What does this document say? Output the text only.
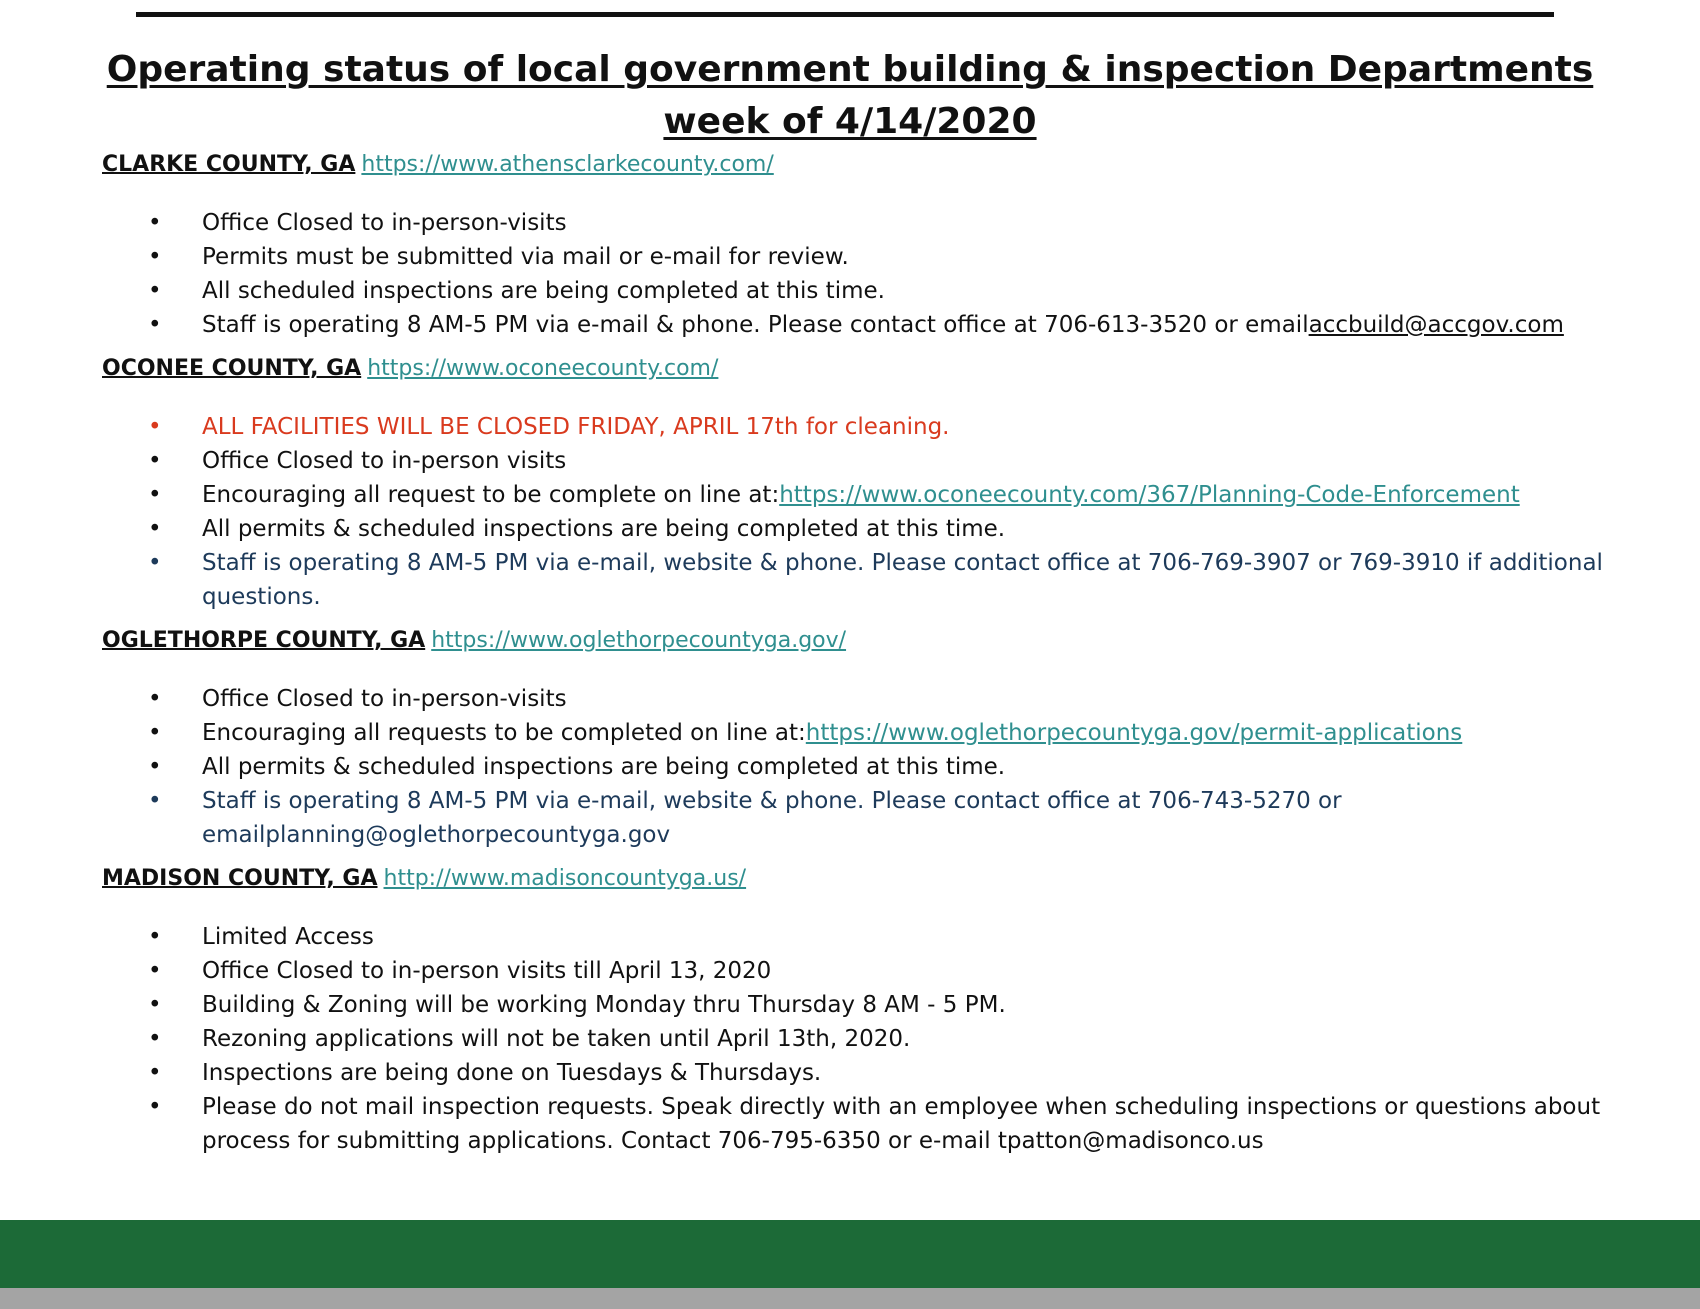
Operating status of local government building & inspection Departments
week of 4/14/2020
CLARKE COUNTY, GA https://www.athensclarkecounty.com/
• Office Closed to in-person-visits
• Permits must be submitted via mail or e-mail for review.
• All scheduled inspections are being completed at this time.
• Staff is operating 8 AM-5 PM via e-mail & phone. Please contact office at 706-613-3520 or emailaccbuild@accgov.com
OCONEE COUNTY, GA https://www.oconeecounty.com/
• ALL FACILITIES WILL BE CLOSED FRIDAY, APRIL 17th for cleaning.
• Office Closed to in-person visits
• Encouraging all request to be complete on line at:https://www.oconeecounty.com/367/Planning-Code-Enforcement
• All permits & scheduled inspections are being completed at this time.
• Staff is operating 8 AM-5 PM via e-mail, website & phone. Please contact office at 706-769-3907 or 769-3910 if additional questions.
OGLETHORPE COUNTY, GA https://www.oglethorpecountyga.gov/
• Office Closed to in-person-visits
• Encouraging all requests to be completed on line at:https://www.oglethorpecountyga.gov/permit-applications
• All permits & scheduled inspections are being completed at this time.
• Staff is operating 8 AM-5 PM via e-mail, website & phone. Please contact office at 706-743-5270 or emailplanning@oglethorpecountyga.gov
MADISON COUNTY, GA http://www.madisoncountyga.us/
• Limited Access
• Office Closed to in-person visits till April 13, 2020
• Building & Zoning will be working Monday thru Thursday 8 AM - 5 PM.
• Rezoning applications will not be taken until April 13th, 2020.
• Inspections are being done on Tuesdays & Thursdays.
• Please do not mail inspection requests. Speak directly with an employee when scheduling inspections or questions about process for submitting applications. Contact 706-795-6350 or e-mail tpatton@madisonco.us
